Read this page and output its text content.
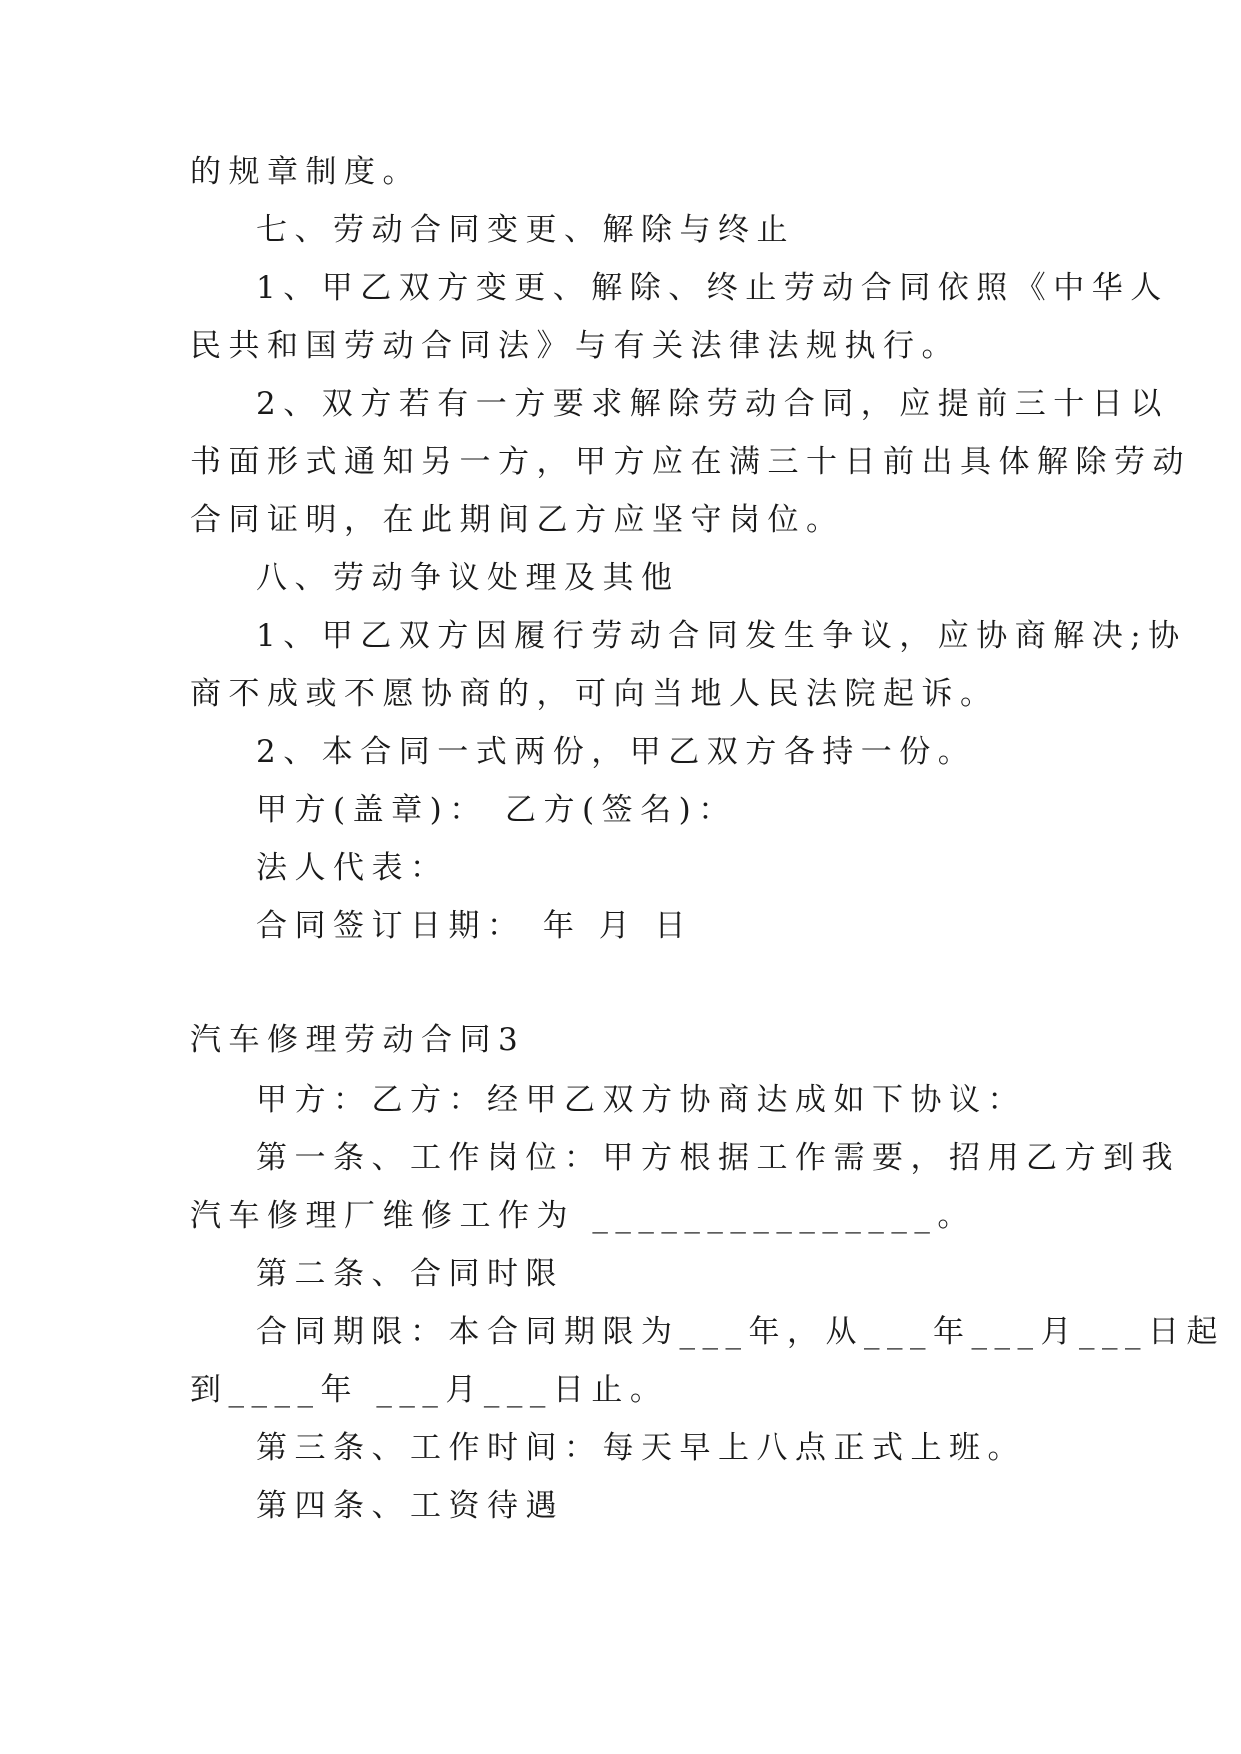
的规章制度。
七、劳动合同变更、解除与终止
1、甲乙双方变更、解除、终止劳动合同依照《中华人
民共和国劳动合同法》与有关法律法规执行。
2、双方若有一方要求解除劳动合同，应提前三十日以
书面形式通知另一方，甲方应在满三十日前出具体解除劳动
合同证明，在此期间乙方应坚守岗位。
八、劳动争议处理及其他
1、甲乙双方因履行劳动合同发生争议，应协商解决;协
商不成或不愿协商的，可向当地人民法院起诉。
2、本合同一式两份，甲乙双方各持一份。
甲方(盖章)： 乙方(签名)：
法人代表：
合同签订日期： 年 月 日
汽车修理劳动合同3
甲方：乙方：经甲乙双方协商达成如下协议：
第一条、工作岗位：甲方根据工作需要，招用乙方到我
汽车修理厂维修工作为 _______________。
第二条、合同时限
合同期限：本合同期限为___年，从___年___月___日起
到____年 ___月___日止。
第三条、工作时间：每天早上八点正式上班。
第四条、工资待遇
